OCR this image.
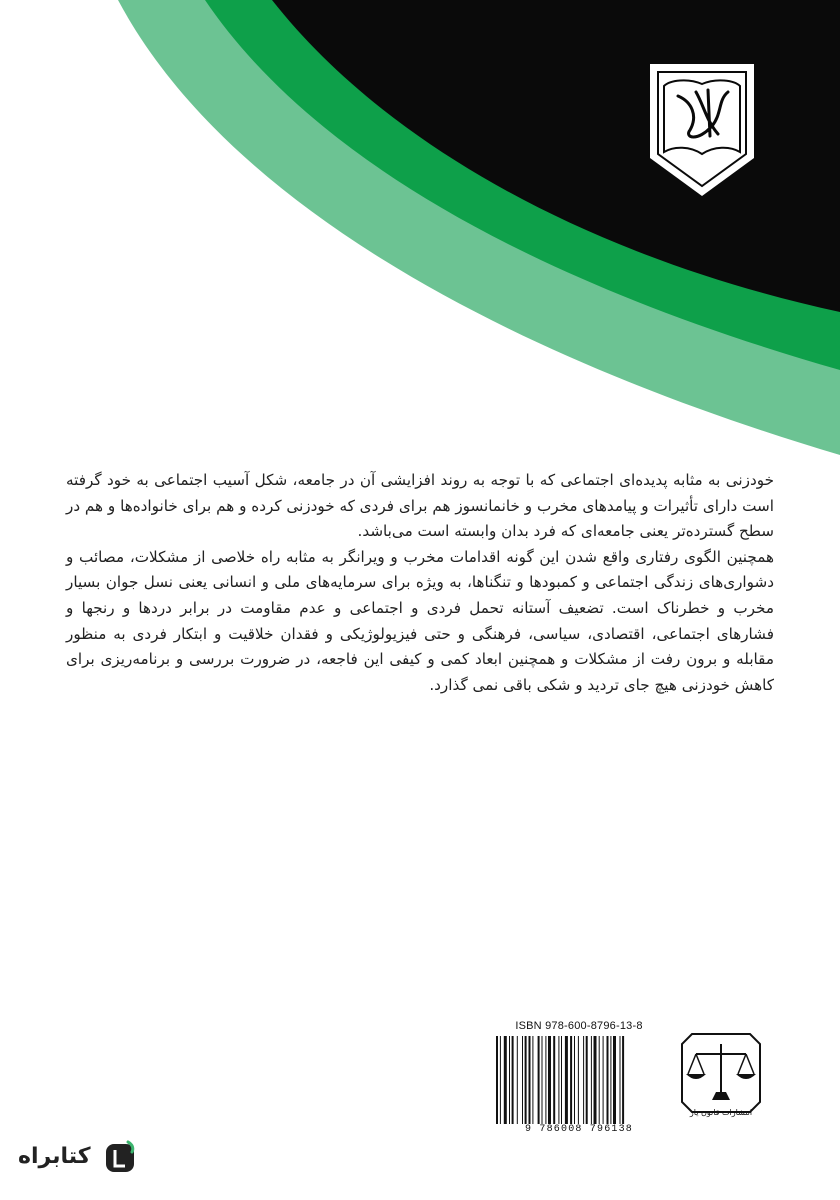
خودزنی به مثابه پدیده‌ای اجتماعی که با توجه به روند افزایشی آن در جامعه، شکل آسیب اجتماعی به خود گرفته است دارای تأثیرات و پیامدهای مخرب و خانمانسوز هم برای فردی که خودزنی کرده و هم برای خانواده‌ها و هم در سطح گسترده‌تر یعنی جامعه‌ای که فرد بدان وابسته است می‌باشد.

همچنین الگوی رفتاری واقع شدن این گونه اقدامات مخرب و ویرانگر به مثابه راه خلاصی از مشکلات، مصائب و دشواری‌های زندگی اجتماعی و کمبودها و تنگناها، به ویژه برای سرمایه‌های ملی و انسانی یعنی نسل جوان بسیار مخرب و خطرناک است. تضعیف آستانه تحمل فردی و اجتماعی و عدم مقاومت در برابر دردها و رنجها و فشارهای اجتماعی، اقتصادی، سیاسی، فرهنگی و حتی فیزیولوژیکی و فقدان خلاقیت و ابتکار فردی به منظور مقابله و برون رفت از مشکلات و همچنین ابعاد کمی و کیفی این فاجعه، در ضرورت بررسی و برنامه‌ریزی برای کاهش خودزنی هیچ جای تردید و شکی باقی نمی گذارد.

ISBN 978-600-8796-13-8
9 786008 796138
انتشارات قانون یار
کتابراه
